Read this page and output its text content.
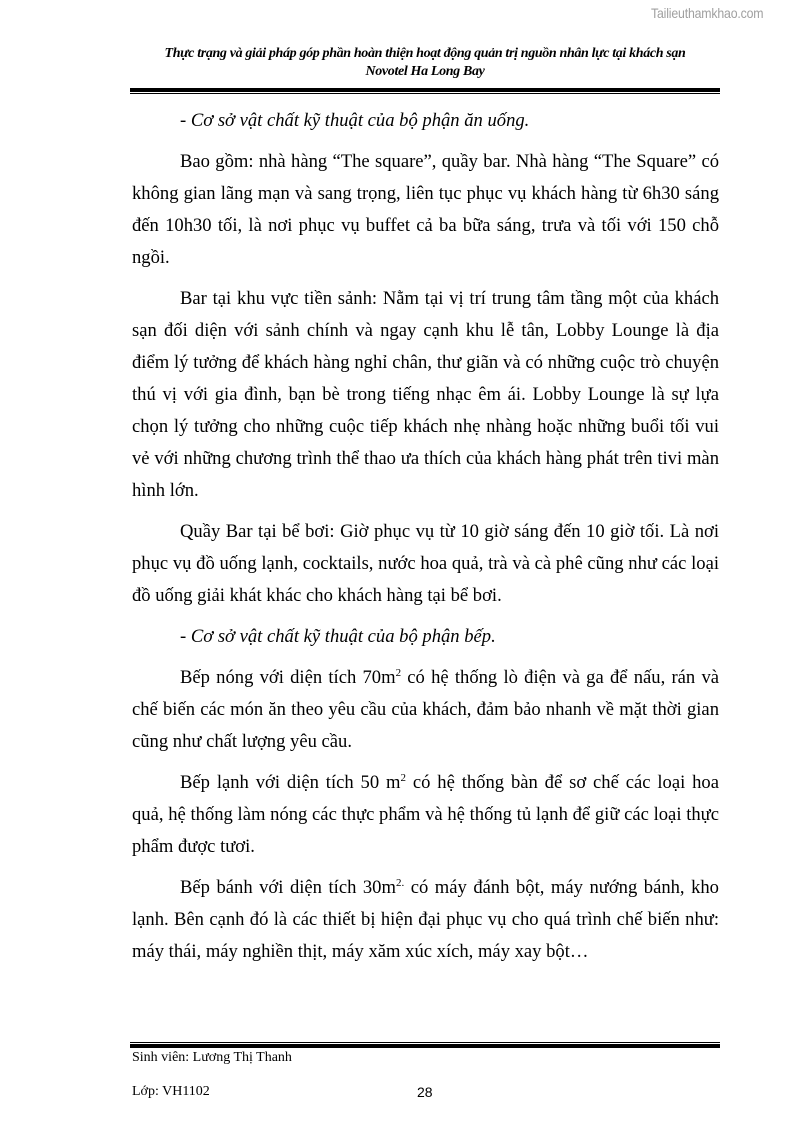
Tailieuthamkhao.com
Thực trạng và giải pháp góp phần hoàn thiện hoạt động quản trị nguồn nhân lực tại khách sạn
Novotel Ha Long Bay

- Cơ sở vật chất kỹ thuật của bộ phận ăn uống.

Bao gồm: nhà hàng “The square”, quầy bar. Nhà hàng “The Square” có không gian lãng mạn và sang trọng, liên tục phục vụ khách hàng từ 6h30 sáng đến 10h30 tối, là nơi phục vụ buffet cả ba bữa sáng, trưa và tối với 150 chỗ ngồi.

Bar tại khu vực tiền sảnh: Nằm tại vị trí trung tâm tầng một của khách sạn đối diện với sảnh chính và ngay cạnh khu lễ tân, Lobby Lounge là địa điểm lý tưởng để khách hàng nghỉ chân, thư giãn và có những cuộc trò chuyện thú vị với gia đình, bạn bè trong tiếng nhạc êm ái. Lobby Lounge là sự lựa chọn lý tưởng cho những cuộc tiếp khách nhẹ nhàng hoặc những buổi tối vui vẻ với những chương trình thể thao ưa thích của khách hàng phát trên tivi màn hình lớn.

Quầy Bar tại bể bơi: Giờ phục vụ từ 10 giờ sáng đến 10 giờ tối. Là nơi phục vụ đồ uống lạnh, cocktails, nước hoa quả, trà và cà phê cũng như các loại đồ uống giải khát khác cho khách hàng tại bể bơi.

- Cơ sở vật chất kỹ thuật của bộ phận bếp.

Bếp nóng với diện tích $70m^2$ có hệ thống lò điện và ga để nấu, rán và chế biến các món ăn theo yêu cầu của khách, đảm bảo nhanh về mặt thời gian cũng như chất lượng yêu cầu.

Bếp lạnh với diện tích 50 $m^2$ có hệ thống bàn để sơ chế các loại hoa quả, hệ thống làm nóng các thực phẩm và hệ thống tủ lạnh để giữ các loại thực phẩm được tươi.

Bếp bánh với diện tích $30m^{2.}$ có máy đánh bột, máy nướng bánh, kho lạnh. Bên cạnh đó là các thiết bị hiện đại phục vụ cho quá trình chế biến như: máy thái, máy nghiền thịt, máy xăm xúc xích, máy xay bột…

Sinh viên: Lương Thị Thanh
Lớp: VH1102	28
